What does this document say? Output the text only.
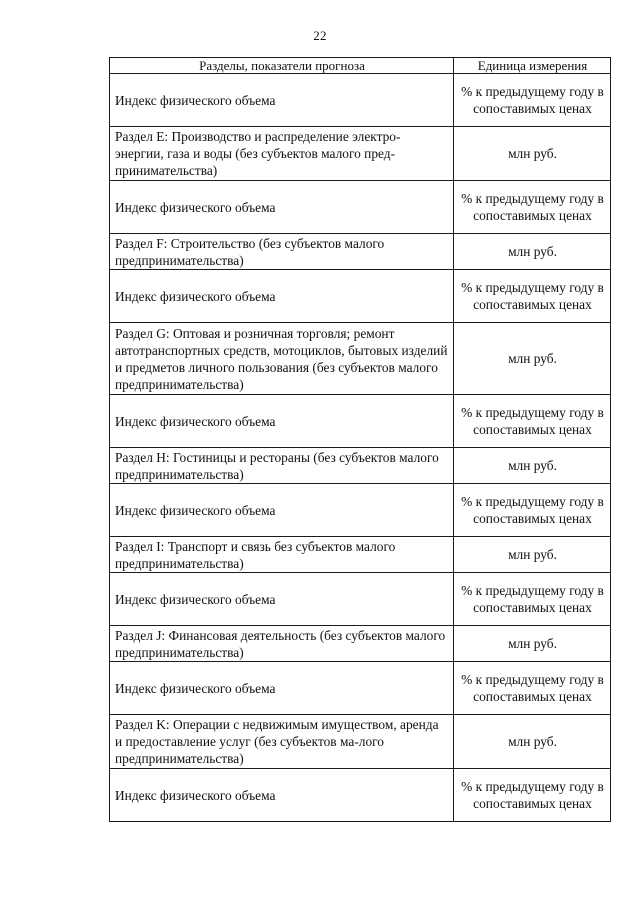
22
Разделы, показатели прогноза	Единица измерения
Индекс физического объема	% к предыдущему году в сопоставимых ценах
Раздел E: Производство и распределение электро-энергии, газа и воды (без субъектов малого пред-принимательства)	млн руб.
Индекс физического объема	% к предыдущему году в сопоставимых ценах
Раздел F: Строительство (без субъектов малого предпринимательства)	млн руб.
Индекс физического объема	% к предыдущему году в сопоставимых ценах
Раздел G: Оптовая и розничная торговля; ремонт автотранспортных средств, мотоциклов, бытовых изделий и предметов личного пользования (без субъектов малого предпринимательства)	млн руб.
Индекс физического объема	% к предыдущему году в сопоставимых ценах
Раздел H: Гостиницы и рестораны (без субъектов малого предпринимательства)	млн руб.
Индекс физического объема	% к предыдущему году в сопоставимых ценах
Раздел I: Транспорт и связь без субъектов малого предпринимательства)	млн руб.
Индекс физического объема	% к предыдущему году в сопоставимых ценах
Раздел J: Финансовая деятельность (без субъектов малого предпринимательства)	млн руб.
Индекс физического объема	% к предыдущему году в сопоставимых ценах
Раздел K: Операции с недвижимым имуществом, аренда и предоставление услуг (без субъектов ма-лого предпринимательства)	млн руб.
Индекс физического объема	% к предыдущему году в сопоставимых ценах
